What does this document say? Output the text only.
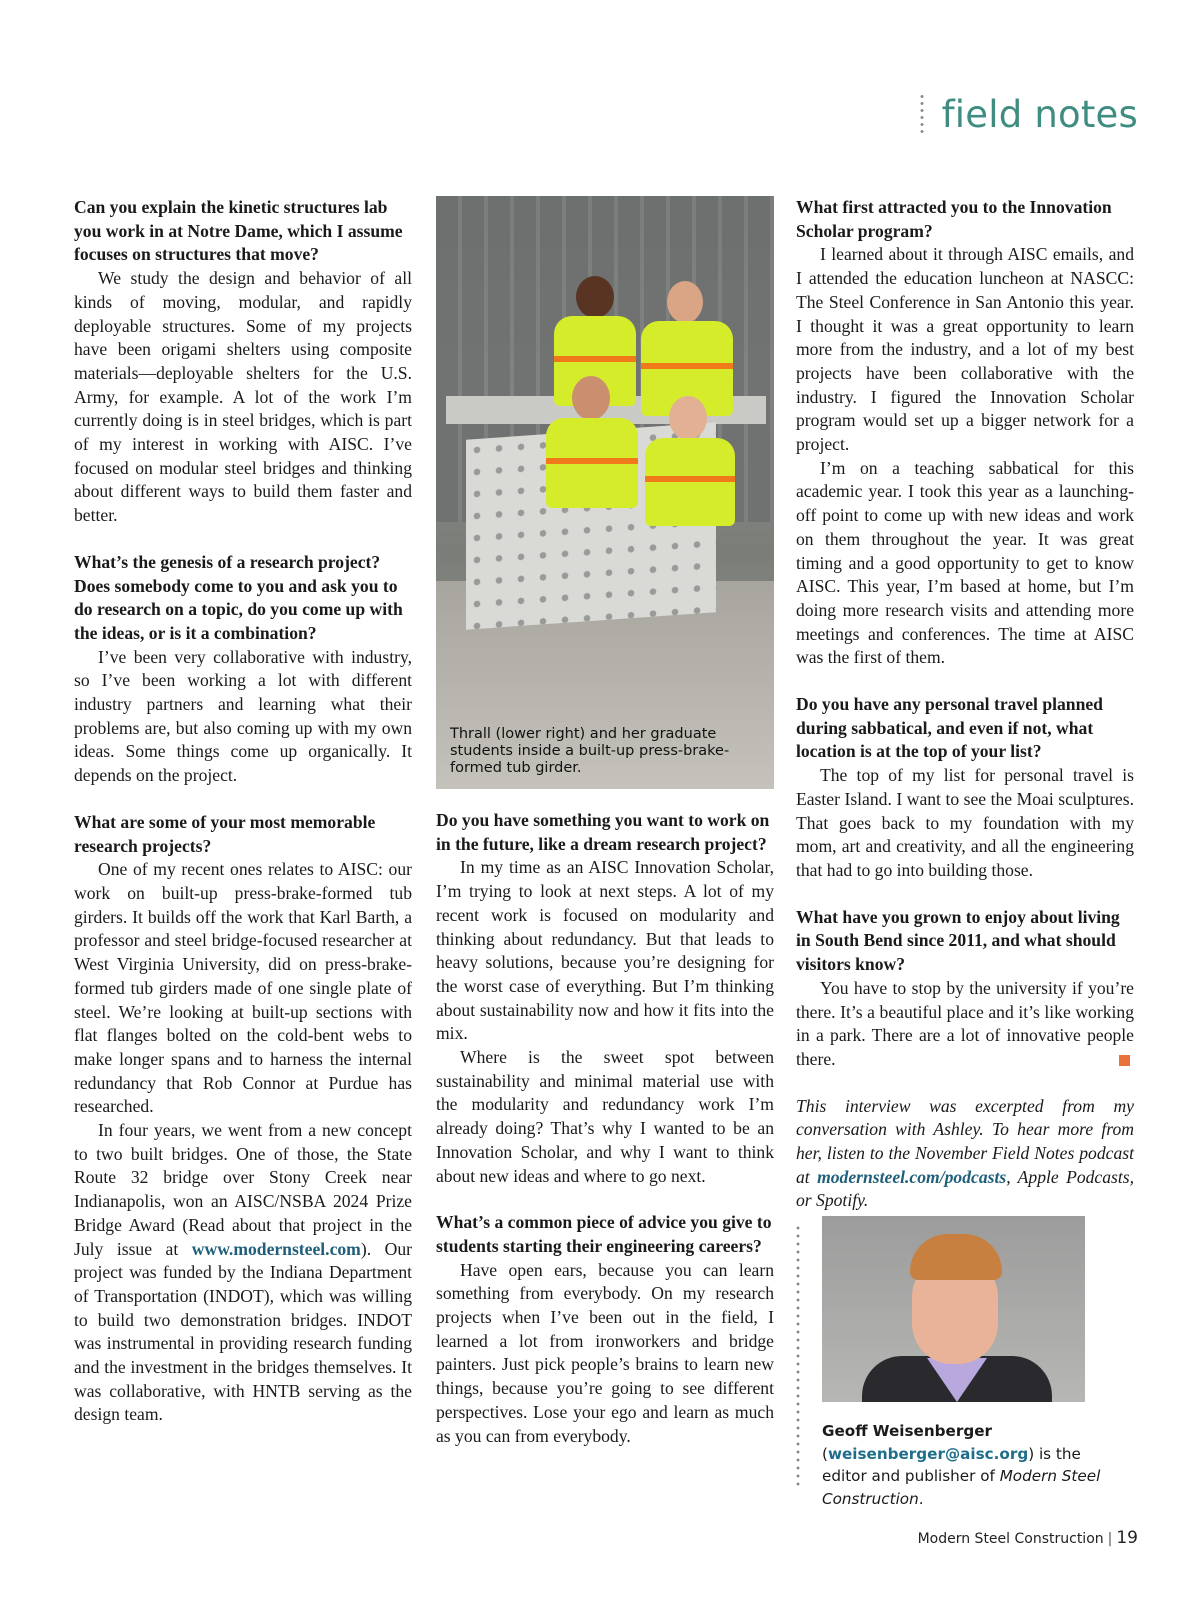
field notes

Can you explain the kinetic structures lab you work in at Notre Dame, which I assume focuses on structures that move?

We study the design and behavior of all kinds of moving, modular, and rapidly deployable structures. Some of my projects have been origami shelters using composite materials—deployable shelters for the U.S. Army, for example. A lot of the work I’m currently doing is in steel bridges, which is part of my interest in working with AISC. I’ve focused on modular steel bridges and thinking about different ways to build them faster and better.

What’s the genesis of a research project? Does somebody come to you and ask you to do research on a topic, do you come up with the ideas, or is it a combination?

I’ve been very collaborative with industry, so I’ve been working a lot with different industry partners and learning what their problems are, but also coming up with my own ideas. Some things come up organically. It depends on the project.

What are some of your most memorable research projects?

One of my recent ones relates to AISC: our work on built-up press-brake-formed tub girders. It builds off the work that Karl Barth, a professor and steel bridge-focused researcher at West Virginia University, did on press-brake-formed tub girders made of one single plate of steel. We’re looking at built-up sections with flat flanges bolted on the cold-bent webs to make longer spans and to harness the internal redundancy that Rob Connor at Purdue has researched.

In four years, we went from a new concept to two built bridges. One of those, the State Route 32 bridge over Stony Creek near Indianapolis, won an AISC/NSBA 2024 Prize Bridge Award (Read about that project in the July issue at www.modernsteel.com). Our project was funded by the Indiana Department of Transportation (INDOT), which was willing to build two demonstration bridges. INDOT was instrumental in providing research funding and the investment in the bridges themselves. It was collaborative, with HNTB serving as the design team.

Thrall (lower right) and her graduate students inside a built-up press-brake-formed tub girder.

Do you have something you want to work on in the future, like a dream research project?

In my time as an AISC Innovation Scholar, I’m trying to look at next steps. A lot of my recent work is focused on modularity and thinking about redundancy. But that leads to heavy solutions, because you’re designing for the worst case of everything. But I’m thinking about sustainability now and how it fits into the mix.

Where is the sweet spot between sustainability and minimal material use with the modularity and redundancy work I’m already doing? That’s why I wanted to be an Innovation Scholar, and why I want to think about new ideas and where to go next.

What’s a common piece of advice you give to students starting their engineering careers?

Have open ears, because you can learn something from everybody. On my research projects when I’ve been out in the field, I learned a lot from ironworkers and bridge painters. Just pick people’s brains to learn new things, because you’re going to see different perspectives. Lose your ego and learn as much as you can from everybody.

What first attracted you to the Innovation Scholar program?

I learned about it through AISC emails, and I attended the education luncheon at NASCC: The Steel Conference in San Antonio this year. I thought it was a great opportunity to learn more from the industry, and a lot of my best projects have been collaborative with the industry. I figured the Innovation Scholar program would set up a bigger network for a project.

I’m on a teaching sabbatical for this academic year. I took this year as a launching-off point to come up with new ideas and work on them throughout the year. It was great timing and a good opportunity to get to know AISC. This year, I’m based at home, but I’m doing more research visits and attending more meetings and conferences. The time at AISC was the first of them.

Do you have any personal travel planned during sabbatical, and even if not, what location is at the top of your list?

The top of my list for personal travel is Easter Island. I want to see the Moai sculptures. That goes back to my foundation with my mom, art and creativity, and all the engineering that had to go into building those.

What have you grown to enjoy about living in South Bend since 2011, and what should visitors know?

You have to stop by the university if you’re there. It’s a beautiful place and it’s like working in a park. There are a lot of innovative people there.

This interview was excerpted from my conversation with Ashley. To hear more from her, listen to the November Field Notes podcast at modernsteel.com/podcasts, Apple Podcasts, or Spotify.

Geoff Weisenberger (weisenberger@aisc.org) is the editor and publisher of Modern Steel Construction.

Modern Steel Construction | 19
